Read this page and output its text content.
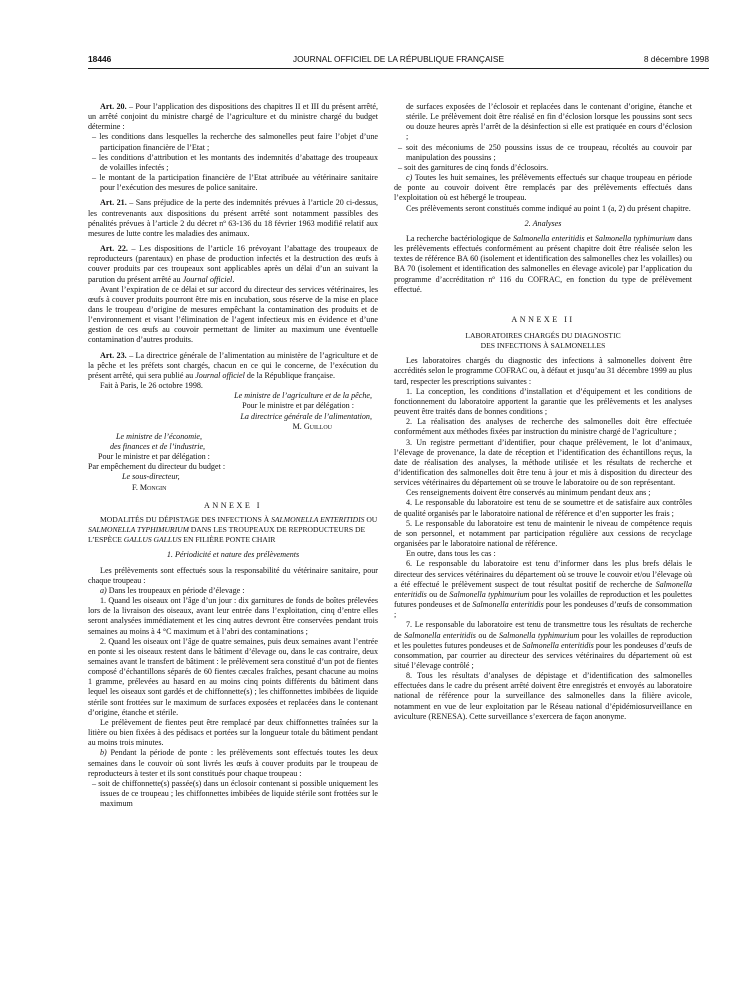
18446	JOURNAL OFFICIEL DE LA RÉPUBLIQUE FRANÇAISE	8 décembre 1998

Art. 20. – Pour l’application des dispositions des chapitres II et III du présent arrêté, un arrêté conjoint du ministre chargé de l’agriculture et du ministre chargé du budget détermine :

– les conditions dans lesquelles la recherche des salmonelles peut faire l’objet d’une participation financière de l’Etat ;
– les conditions d’attribution et les montants des indemnités d’abattage des troupeaux de volailles infectés ;
– le montant de la participation financière de l’Etat attribuée au vétérinaire sanitaire pour l’exécution des mesures de police sanitaire.

Art. 21. – Sans préjudice de la perte des indemnités prévues à l’article 20 ci-dessus, les contrevenants aux dispositions du présent arrêté sont notamment passibles des pénalités prévues à l’article 2 du décret nº 63-136 du 18 février 1963 modifié relatif aux mesures de lutte contre les maladies des animaux.

Art. 22. – Les dispositions de l’article 16 prévoyant l’abattage des troupeaux de reproducteurs (parentaux) en phase de production infectés et la destruction des œufs à couver produits par ces troupeaux sont applicables après un délai d’un an suivant la parution du présent arrêté au Journal officiel.

Avant l’expiration de ce délai et sur accord du directeur des services vétérinaires, les œufs à couver produits pourront être mis en incubation, sous réserve de la mise en place dans le troupeau d’origine de mesures empêchant la contamination des produits et de l’environnement et visant l’élimination de l’agent infectieux mis en évidence et d’une gestion de ces œufs au couvoir permettant de limiter au maximum une éventuelle contamination d’autres produits.

Art. 23. – La directrice générale de l’alimentation au ministère de l’agriculture et de la pêche et les préfets sont chargés, chacun en ce qui le concerne, de l’exécution du présent arrêté, qui sera publié au Journal officiel de la République française.

Fait à Paris, le 26 octobre 1998.

Le ministre de l’agriculture et de la pêche,
Pour le ministre et par délégation :
La directrice générale de l’alimentation,
M. Guillou

Le ministre de l’économie,
des finances et de l’industrie,
Pour le ministre et par délégation :
Par empêchement du directeur du budget :
Le sous-directeur,
F. Mongin

ANNEXE I

MODALITÉS DU DÉPISTAGE DES INFECTIONS À SALMONELLA ENTERITIDIS OU SALMONELLA TYPHIMURIUM DANS LES TROUPEAUX DE REPRODUCTEURS DE L’ESPÈCE GALLUS GALLUS EN FILIÈRE PONTE CHAIR

1. Périodicité et nature des prélèvements

Les prélèvements sont effectués sous la responsabilité du vétérinaire sanitaire, pour chaque troupeau :

a) Dans les troupeaux en période d’élevage :

1. Quand les oiseaux ont l’âge d’un jour : dix garnitures de fonds de boîtes prélevées lors de la livraison des oiseaux, avant leur entrée dans l’exploitation, cinq d’entre elles seront analysées immédiatement et les cinq autres devront être conservées pendant trois semaines au moins à 4 °C maximum et à l’abri des contaminations ;

2. Quand les oiseaux ont l’âge de quatre semaines, puis deux semaines avant l’entrée en ponte si les oiseaux restent dans le bâtiment d’élevage ou, dans le cas contraire, deux semaines avant le transfert de bâtiment : le prélèvement sera constitué d’un pot de fientes composé d’échantillons séparés de 60 fientes cæcales fraîches, pesant chacune au moins 1 gramme, prélevées au hasard en au moins cinq points différents du bâtiment dans lequel les oiseaux sont gardés et de chiffonnette(s) ; les chiffonnettes imbibées de liquide stérile sont frottées sur le maximum de surfaces exposées et replacées dans le contenant d’origine, étanche et stérile.

Le prélèvement de fientes peut être remplacé par deux chiffonnettes traînées sur la litière ou bien fixées à des pédisacs et portées sur la longueur totale du bâtiment pendant au moins trois minutes.

b) Pendant la période de ponte : les prélèvements sont effectués toutes les deux semaines dans le couvoir où sont livrés les œufs à couver produits par le troupeau de reproducteurs à tester et ils sont constitués pour chaque troupeau :

– soit de chiffonnette(s) passée(s) dans un éclosoir contenant si possible uniquement les issues de ce troupeau ; les chiffonnettes imbibées de liquide stérile sont frottées sur le maximum

de surfaces exposées de l’éclosoir et replacées dans le contenant d’origine, étanche et stérile. Le prélèvement doit être réalisé en fin d’éclosion lorsque les poussins sont secs ou douze heures après l’arrêt de la désinfection si elle est pratiquée en cours d’éclosion ;

– soit des méconiums de 250 poussins issus de ce troupeau, récoltés au couvoir par manipulation des poussins ;
– soit des garnitures de cinq fonds d’éclosoirs.

c) Toutes les huit semaines, les prélèvements effectués sur chaque troupeau en période de ponte au couvoir doivent être remplacés par des prélèvements effectués dans l’exploitation où est hébergé le troupeau.

Ces prélèvements seront constitués comme indiqué au point 1 (a, 2) du présent chapitre.

2. Analyses

La recherche bactériologique de Salmonella enteritidis et Salmonella typhimurium dans les prélèvements effectués conformément au présent chapitre doit être réalisée selon les textes de référence BA 60 (isolement et identification des salmonelles chez les volailles) ou BA 70 (isolement et identification des salmonelles en élevage avicole) par l’application du programme d’accréditation nº 116 du COFRAC, en fonction du type de prélèvement effectué.

ANNEXE II
LABORATOIRES CHARGÉS DU DIAGNOSTIC
DES INFECTIONS À SALMONELLES

Les laboratoires chargés du diagnostic des infections à salmonelles doivent être accrédités selon le programme COFRAC ou, à défaut et jusqu’au 31 décembre 1999 au plus tard, respecter les prescriptions suivantes :

1. La conception, les conditions d’installation et d’équipement et les conditions de fonctionnement du laboratoire apportent la garantie que les prélèvements et les analyses peuvent être traités dans de bonnes conditions ;

2. La réalisation des analyses de recherche des salmonelles doit être effectuée conformément aux méthodes fixées par instruction du ministre chargé de l’agriculture ;

3. Un registre permettant d’identifier, pour chaque prélèvement, le lot d’animaux, l’élevage de provenance, la date de réception et l’identification des échantillons reçus, la date de réalisation des analyses, la méthode utilisée et les résultats de recherche et d’identification des salmonelles doit être tenu à jour et mis à disposition du directeur des services vétérinaires du département où se trouve le laboratoire ou de son représentant.

Ces renseignements doivent être conservés au minimum pendant deux ans ;

4. Le responsable du laboratoire est tenu de se soumettre et de satisfaire aux contrôles de qualité organisés par le laboratoire national de référence et d’en supporter les frais ;

5. Le responsable du laboratoire est tenu de maintenir le niveau de compétence requis de son personnel, et notamment par participation régulière aux cessions de recyclage organisées par le laboratoire national de référence.

En outre, dans tous les cas :

6. Le responsable du laboratoire est tenu d’informer dans les plus brefs délais le directeur des services vétérinaires du département où se trouve le couvoir et/ou l’élevage où a été effectué le prélèvement suspect de tout résultat positif de recherche de Salmonella enteritidis ou de Salmonella typhimurium pour les volailles de reproduction et les poulettes futures pondeuses et de Salmonella enteritidis pour les pondeuses d’œufs de consommation ;

7. Le responsable du laboratoire est tenu de transmettre tous les résultats de recherche de Salmonella enteritidis ou de Salmonella typhimurium pour les volailles de reproduction et les poulettes futures pondeuses et de Salmonella enteritidis pour les pondeuses d’œufs de consommation, par courrier au directeur des services vétérinaires du département où est situé l’élevage contrôlé ;

8. Tous les résultats d’analyses de dépistage et d’identification des salmonelles effectuées dans le cadre du présent arrêté doivent être enregistrés et envoyés au laboratoire national de référence pour la surveillance des salmonelles dans la filière avicole, notamment en vue de leur exploitation par le Réseau national d’épidémiosurveillance en aviculture (RENESA). Cette surveillance s’exercera de façon anonyme.
